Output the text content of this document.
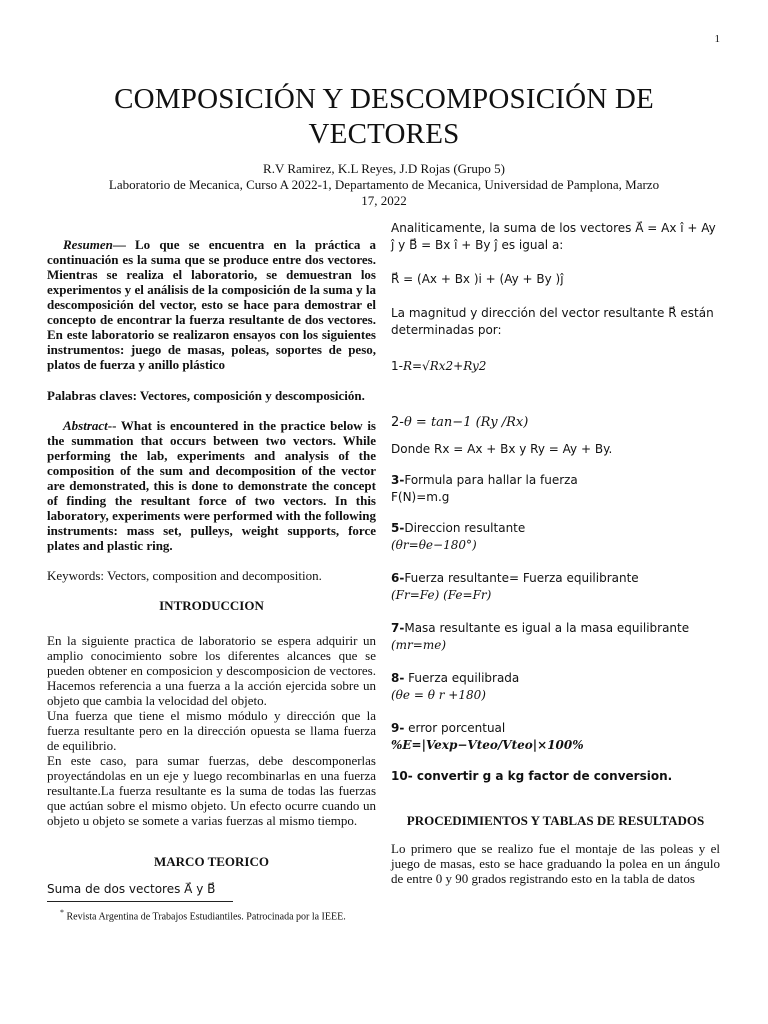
1
COMPOSICIÓN Y DESCOMPOSICIÓN DE
VECTORES
R.V Ramirez, K.L Reyes, J.D Rojas (Grupo 5)
Laboratorio de Mecanica, Curso A 2022-1, Departamento de Mecanica, Universidad de Pamplona, Marzo 17, 2022

Resumen— Lo que se encuentra en la práctica a continuación es la suma que se produce entre dos vectores. Mientras se realiza el laboratorio, se demuestran los experimentos y el análisis de la composición de la suma y la descomposición del vector, esto se hace para demostrar el concepto de encontrar la fuerza resultante de dos vectores. En este laboratorio se realizaron ensayos con los siguientes instrumentos: juego de masas, poleas, soportes de peso, platos de fuerza y anillo plástico

Palabras claves: Vectores, composición y descomposición.

Abstract-- What is encountered in the practice below is the summation that occurs between two vectors. While performing the lab, experiments and analysis of the composition of the sum and decomposition of the vector are demonstrated, this is done to demonstrate the concept of finding the resultant force of two vectors. In this laboratory, experiments were performed with the following instruments: mass set, pulleys, weight supports, force plates and plastic ring.

Keywords: Vectors, composition and decomposition.

INTRODUCCION

En la siguiente practica de laboratorio se espera adquirir un amplio conocimiento sobre los diferentes alcances que se pueden obtener en composicion y descomposicion de vectores. Hacemos referencia a una fuerza a la acción ejercida sobre un objeto que cambia la velocidad del objeto.

Una fuerza que tiene el mismo módulo y dirección que la fuerza resultante pero en la dirección opuesta se llama fuerza de equilibrio.

En este caso, para sumar fuerzas, debe descomponerlas proyectándolas en un eje y luego recombinarlas en una fuerza resultante.La fuerza resultante es la suma de todas las fuerzas que actúan sobre el mismo objeto. Un efecto ocurre cuando un objeto u objeto se somete a varias fuerzas al mismo tiempo.

MARCO TEORICO

Suma de dos vectores A⃗ y B⃗

* Revista Argentina de Trabajos Estudiantiles. Patrocinada por la IEEE.

Analiticamente, la suma de los vectores A⃗ = Ax î + Ay ĵ y B⃗ = Bx î + By ĵ es igual a:

R⃗ = (Ax + Bx )i + (Ay + By )ĵ

La magnitud y dirección del vector resultante R⃗ están determinadas por:

1-R=√Rx2+Ry2

2-θ = tan−1 (Ry /Rx)

Donde Rx = Ax + Bx y Ry = Ay + By.

3-Formula para hallar la fuerza

F(N)=m.g

5-Direccion resultante

(θr=θe−180°)

6-Fuerza resultante= Fuerza equilibrante

(Fr=Fe) (Fe=Fr)

7-Masa resultante es igual a la masa equilibrante

(mr=me)

8- Fuerza equilibrada

(θe = θ r +180)

9- error porcentual

%E=|Vexp−Vteo/Vteo|×100%

10- convertir g a kg factor de conversion.

PROCEDIMIENTOS Y TABLAS DE RESULTADOS

Lo primero que se realizo fue el montaje de las poleas y el juego de masas, esto se hace graduando la polea en un ángulo de entre 0 y 90 grados registrando esto en la tabla de datos
